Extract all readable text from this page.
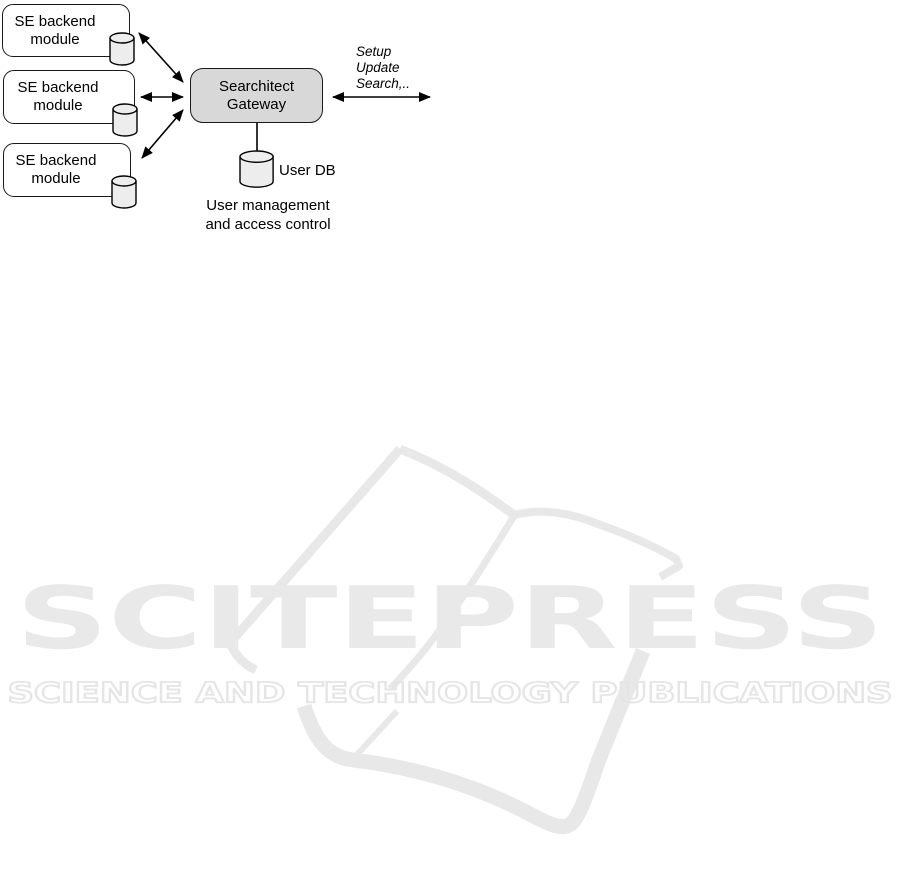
SCITEPRESS
SCIENCE AND TECHNOLOGY PUBLICATIONS
SE backend
module
SE backend
module
SE backend
module
Searchitect
Gateway
Setup
Update
Search,..
User DB
User management
and access control
